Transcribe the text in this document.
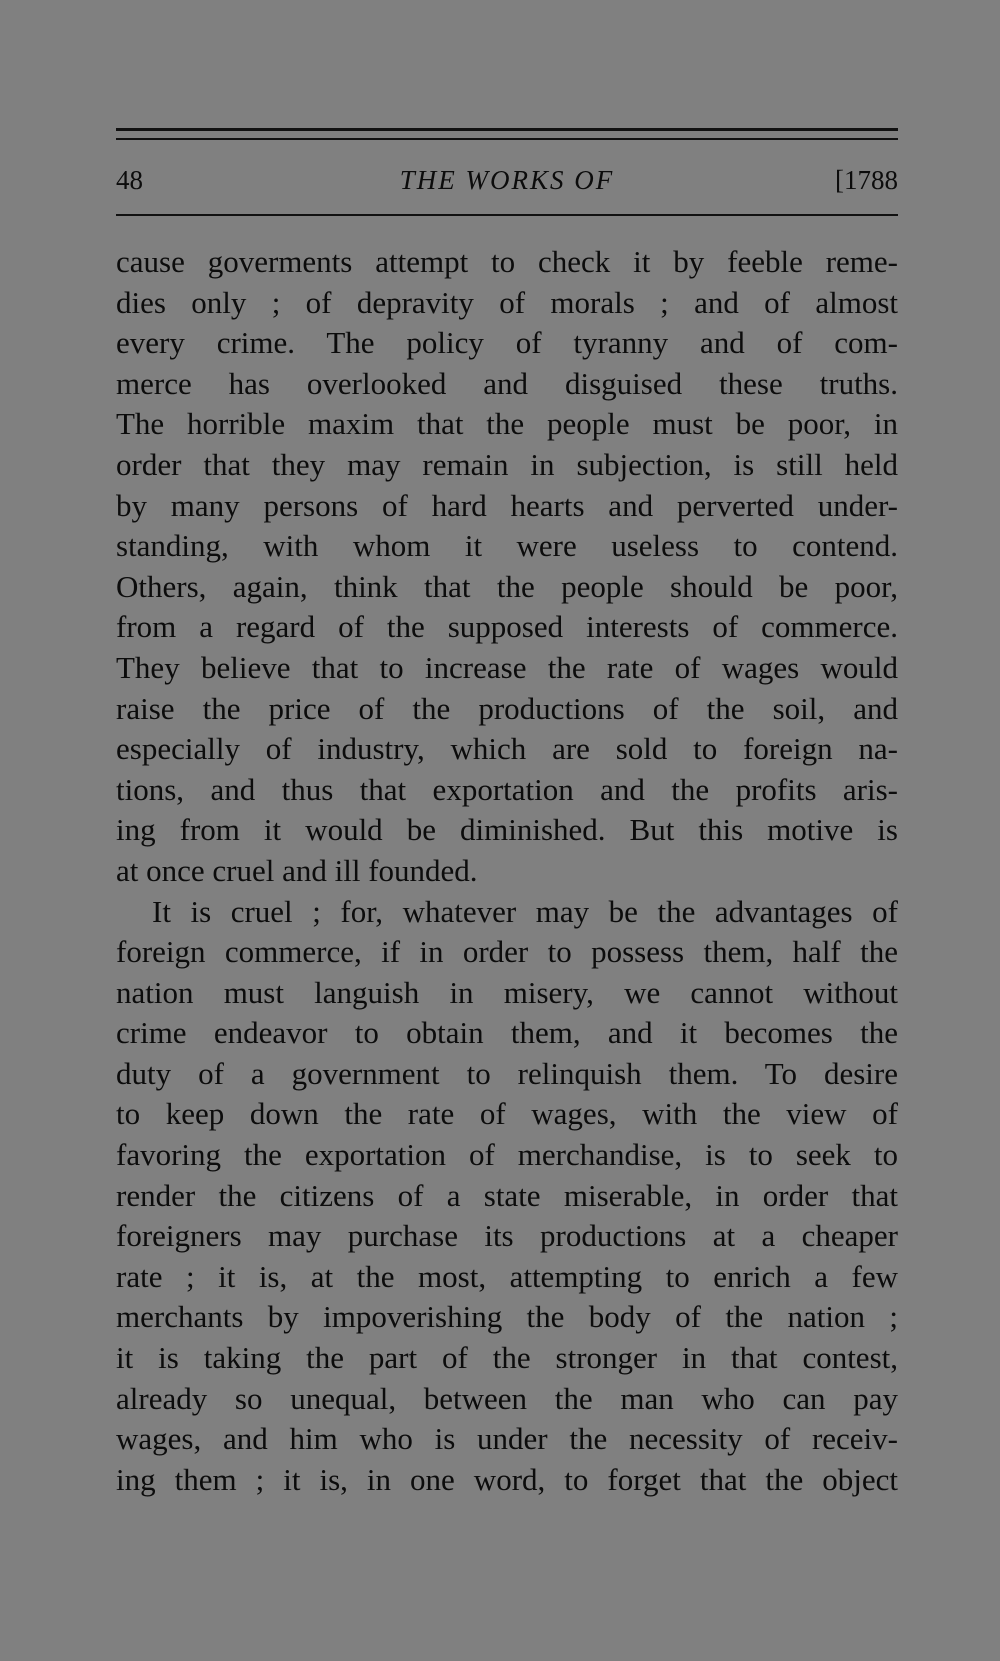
48	THE WORKS OF	[1788
cause goverments attempt to check it by feeble reme-
dies only ; of depravity of morals ; and of almost
every crime. The policy of tyranny and of com-
merce has overlooked and disguised these truths.
The horrible maxim that the people must be poor, in
order that they may remain in subjection, is still held
by many persons of hard hearts and perverted under-
standing, with whom it were useless to contend.
Others, again, think that the people should be poor,
from a regard of the supposed interests of commerce.
They believe that to increase the rate of wages would
raise the price of the productions of the soil, and
especially of industry, which are sold to foreign na-
tions, and thus that exportation and the profits aris-
ing from it would be diminished. But this motive is
at once cruel and ill founded.
It is cruel ; for, whatever may be the advantages of
foreign commerce, if in order to possess them, half the
nation must languish in misery, we cannot without
crime endeavor to obtain them, and it becomes the
duty of a government to relinquish them. To desire
to keep down the rate of wages, with the view of
favoring the exportation of merchandise, is to seek to
render the citizens of a state miserable, in order that
foreigners may purchase its productions at a cheaper
rate ; it is, at the most, attempting to enrich a few
merchants by impoverishing the body of the nation ;
it is taking the part of the stronger in that contest,
already so unequal, between the man who can pay
wages, and him who is under the necessity of receiv-
ing them ; it is, in one word, to forget that the object
